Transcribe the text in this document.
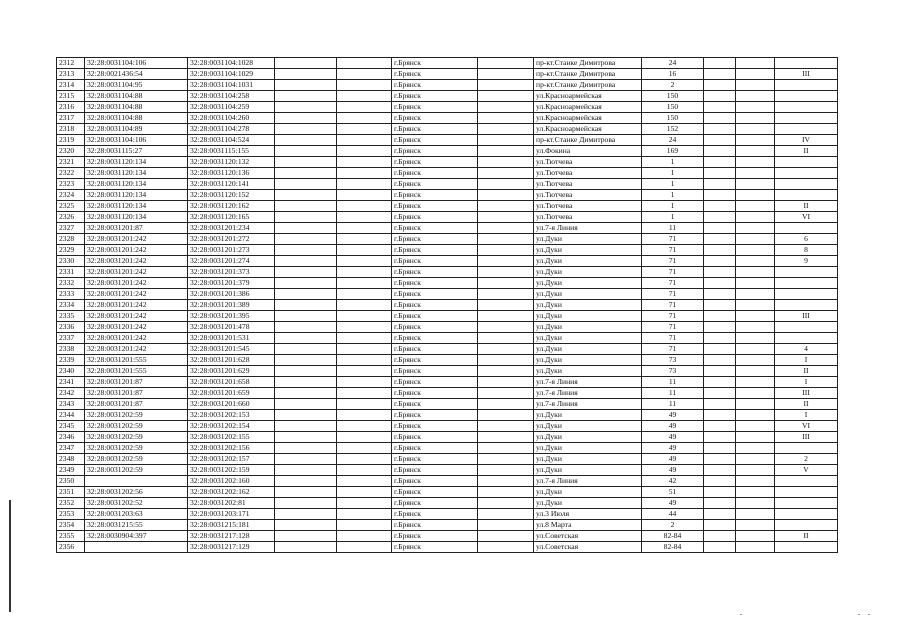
2312	32:28:0031104:106	32:28:0031104:1028			г.Брянск		пр-кт.Станке Димитрова	24			
2313	32:28:0021436:54	32:28:0031104:1029			г.Брянск		пр-кт.Станке Димитрова	16			III
2314	32:28:0031104:95	32:28:0031104:1031			г.Брянск		пр-кт.Станке Димитрова	2			
2315	32:28:0031104:88	32:28:0031104:258			г.Брянск		ул.Красноармейская	150			
2316	32:28:0031104:88	32:28:0031104:259			г.Брянск		ул.Красноармейская	150			
2317	32:28:0031104:88	32:28:0031104:260			г.Брянск		ул.Красноармейская	150			
2318	32:28:0031104:89	32:28:0031104:278			г.Брянск		ул.Красноармейская	152			
2319	32:28:0031104:106	32:28:0031104:524			г.Брянск		пр-кт.Станке Димитрова	24			IV
2320	32:28:0031115:27	32:28:0031115:155			г.Брянск		ул.Фокина	169			II
2321	32:28:0031120:134	32:28:0031120:132			г.Брянск		ул.Тютчева	1			
2322	32:28:0031120:134	32:28:0031120:136			г.Брянск		ул.Тютчева	1			
2323	32:28:0031120:134	32:28:0031120:141			г.Брянск		ул.Тютчева	1			
2324	32:28:0031120:134	32:28:0031120:152			г.Брянск		ул.Тютчева	1			
2325	32:28:0031120:134	32:28:0031120:162			г.Брянск		ул.Тютчева	1			II
2326	32:28:0031120:134	32:28:0031120:165			г.Брянск		ул.Тютчева	1			VI
2327	32:28:0031201:87	32:28:0031201:234			г.Брянск		ул.7-я Линия	11			
2328	32:28:0031201:242	32:28:0031201:272			г.Брянск		ул.Дуки	71			6
2329	32:28:0031201:242	32:28:0031201:273			г.Брянск		ул.Дуки	71			8
2330	32:28:0031201:242	32:28:0031201:274			г.Брянск		ул.Дуки	71			9
2331	32:28:0031201:242	32:28:0031201:373			г.Брянск		ул.Дуки	71			
2332	32:28:0031201:242	32:28:0031201:379			г.Брянск		ул.Дуки	71			
2333	32:28:0031201:242	32:28:0031201:386			г.Брянск		ул.Дуки	71			
2334	32:28:0031201:242	32:28:0031201:389			г.Брянск		ул.Дуки	71			
2335	32:28:0031201:242	32:28:0031201:395			г.Брянск		ул.Дуки	71			III
2336	32:28:0031201:242	32:28:0031201:478			г.Брянск		ул.Дуки	71			
2337	32:28:0031201:242	32:28:0031201:531			г.Брянск		ул.Дуки	71			
2338	32:28:0031201:242	32:28:0031201:545			г.Брянск		ул.Дуки	71			4
2339	32:28:0031201:555	32:28:0031201:628			г.Брянск		ул.Дуки	73			I
2340	32:28:0031201:555	32:28:0031201:629			г.Брянск		ул.Дуки	73			II
2341	32:28:0031201:87	32:28:0031201:658			г.Брянск		ул.7-я Линия	11			I
2342	32:28:0031201:87	32:28:0031201:659			г.Брянск		ул.7-я Линия	11			III
2343	32:28:0031201:87	32:28:0031201:660			г.Брянск		ул.7-я Линия	11			II
2344	32:28:0031202:59	32:28:0031202:153			г.Брянск		ул.Дуки	49			I
2345	32:28:0031202:59	32:28:0031202:154			г.Брянск		ул.Дуки	49			VI
2346	32:28:0031202:59	32:28:0031202:155			г.Брянск		ул.Дуки	49			III
2347	32:28:0031202:59	32:28:0031202:156			г.Брянск		ул.Дуки	49			
2348	32:28:0031202:59	32:28:0031202:157			г.Брянск		ул.Дуки	49			2
2349	32:28:0031202:59	32:28:0031202:159			г.Брянск		ул.Дуки	49			V
2350		32:28:0031202:160			г.Брянск		ул.7-я Линия	42			
2351	32:28:0031202:56	32:28:0031202:162			г.Брянск		ул.Дуки	51			
2352	32:28:0031202:52	32:28:0031202:81			г.Брянск		ул.Дуки	49			
2353	32:28:0031203:63	32:28:0031203:171			г.Брянск		ул.3 Июля	44			
2354	32:28:0031215:55	32:28:0031215:181			г.Брянск		ул.8 Марта	2			
2355	32:28:0030904:397	32:28:0031217:128			г.Брянск		ул.Советская	82-84			II
2356		32:28:0031217:129			г.Брянск		ул.Советская	82-84			
